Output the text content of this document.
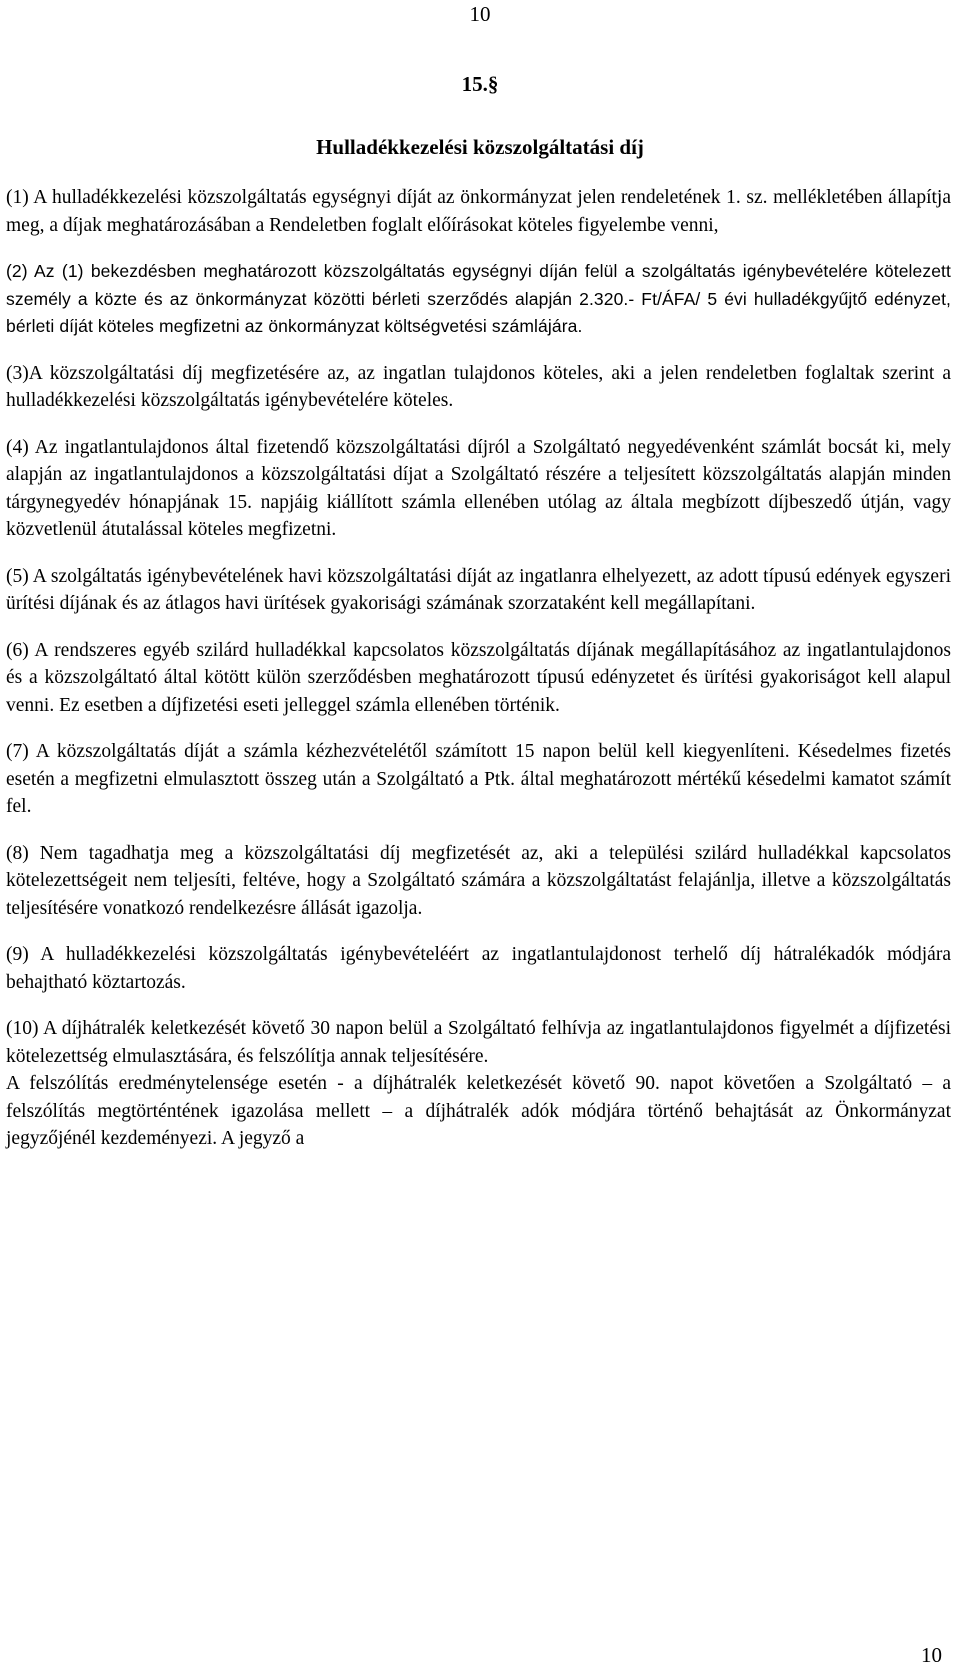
10
15.§
Hulladékkezelési közszolgáltatási díj

(1) A hulladékkezelési közszolgáltatás egységnyi díját az önkormányzat jelen rendeletének 1. sz. mellékletében állapítja meg, a díjak meghatározásában a Rendeletben foglalt előírásokat köteles figyelembe venni,

(2) Az (1) bekezdésben meghatározott közszolgáltatás egységnyi díján felül a szolgáltatás igénybevételére kötelezett személy a közte és az önkormányzat közötti bérleti szerződés alapján 2.320.- Ft/ÁFA/ 5 évi hulladékgyűjtő edényzet, bérleti díját köteles megfizetni az önkormányzat költségvetési számlájára.

(3)A közszolgáltatási díj megfizetésére az, az ingatlan tulajdonos köteles, aki a jelen rendeletben foglaltak szerint a hulladékkezelési közszolgáltatás igénybevételére köteles.

(4) Az ingatlantulajdonos által fizetendő közszolgáltatási díjról a Szolgáltató negyedévenként számlát bocsát ki, mely alapján az ingatlantulajdonos a közszolgáltatási díjat a Szolgáltató részére a teljesített közszolgáltatás alapján minden tárgynegyedév hónapjának 15. napjáig kiállított számla ellenében utólag az általa megbízott díjbeszedő útján, vagy közvetlenül átutalással köteles megfizetni.

(5) A szolgáltatás igénybevételének havi közszolgáltatási díját az ingatlanra elhelyezett, az adott típusú edények egyszeri ürítési díjának és az átlagos havi ürítések gyakorisági számának szorzataként kell megállapítani.

(6) A rendszeres egyéb szilárd hulladékkal kapcsolatos közszolgáltatás díjának megállapításához az ingatlantulajdonos és a közszolgáltató által kötött külön szerződésben meghatározott típusú edényzetet és ürítési gyakoriságot kell alapul venni. Ez esetben a díjfizetési eseti jelleggel számla ellenében történik.

(7) A közszolgáltatás díját a számla kézhezvételétől számított 15 napon belül kell kiegyenlíteni. Késedelmes fizetés esetén a megfizetni elmulasztott összeg után a Szolgáltató a Ptk. által meghatározott mértékű késedelmi kamatot számít fel.

(8) Nem tagadhatja meg a közszolgáltatási díj megfizetését az, aki a települési szilárd hulladékkal kapcsolatos kötelezettségeit nem teljesíti, feltéve, hogy a Szolgáltató számára a közszolgáltatást felajánlja, illetve a közszolgáltatás teljesítésére vonatkozó rendelkezésre állását igazolja.

(9) A hulladékkezelési közszolgáltatás igénybevételéért az ingatlantulajdonost terhelő díj hátralékadók módjára behajtható köztartozás.

(10) A díjhátralék keletkezését követő 30 napon belül a Szolgáltató felhívja az ingatlantulajdonos figyelmét a díjfizetési kötelezettség elmulasztására, és felszólítja annak teljesítésére.

A felszólítás eredménytelensége esetén - a díjhátralék keletkezését követő 90. napot követően a Szolgáltató – a felszólítás megtörténtének igazolása mellett – a díjhátralék adók módjára történő behajtását az Önkormányzat jegyzőjénél kezdeményezi. A jegyző a

10
